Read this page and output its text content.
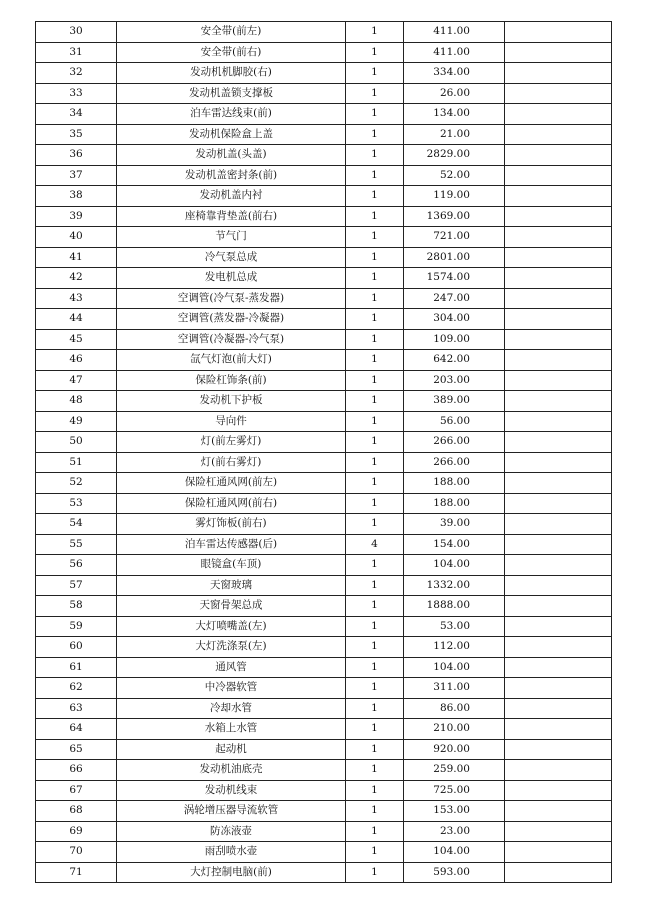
30	安全带(前左)	1	411.00	
31	安全带(前右)	1	411.00	
32	发动机机脚胶(右)	1	334.00	
33	发动机盖锁支撑板	1	26.00	
34	泊车雷达线束(前)	1	134.00	
35	发动机保险盒上盖	1	21.00	
36	发动机盖(头盖)	1	2829.00	
37	发动机盖密封条(前)	1	52.00	
38	发动机盖内衬	1	119.00	
39	座椅靠背垫盖(前右)	1	1369.00	
40	节气门	1	721.00	
41	冷气泵总成	1	2801.00	
42	发电机总成	1	1574.00	
43	空调管(冷气泵-蒸发器)	1	247.00	
44	空调管(蒸发器-冷凝器)	1	304.00	
45	空调管(冷凝器-冷气泵)	1	109.00	
46	氙气灯泡(前大灯)	1	642.00	
47	保险杠饰条(前)	1	203.00	
48	发动机下护板	1	389.00	
49	导向件	1	56.00	
50	灯(前左雾灯)	1	266.00	
51	灯(前右雾灯)	1	266.00	
52	保险杠通风网(前左)	1	188.00	
53	保险杠通风网(前右)	1	188.00	
54	雾灯饰板(前右)	1	39.00	
55	泊车雷达传感器(后)	4	154.00	
56	眼镜盒(车顶)	1	104.00	
57	天窗玻璃	1	1332.00	
58	天窗骨架总成	1	1888.00	
59	大灯喷嘴盖(左)	1	53.00	
60	大灯洗涤泵(左)	1	112.00	
61	通风管	1	104.00	
62	中冷器软管	1	311.00	
63	冷却水管	1	86.00	
64	水箱上水管	1	210.00	
65	起动机	1	920.00	
66	发动机油底壳	1	259.00	
67	发动机线束	1	725.00	
68	涡轮增压器导流软管	1	153.00	
69	防冻液壶	1	23.00	
70	雨刮喷水壶	1	104.00	
71	大灯控制电脑(前)	1	593.00	
